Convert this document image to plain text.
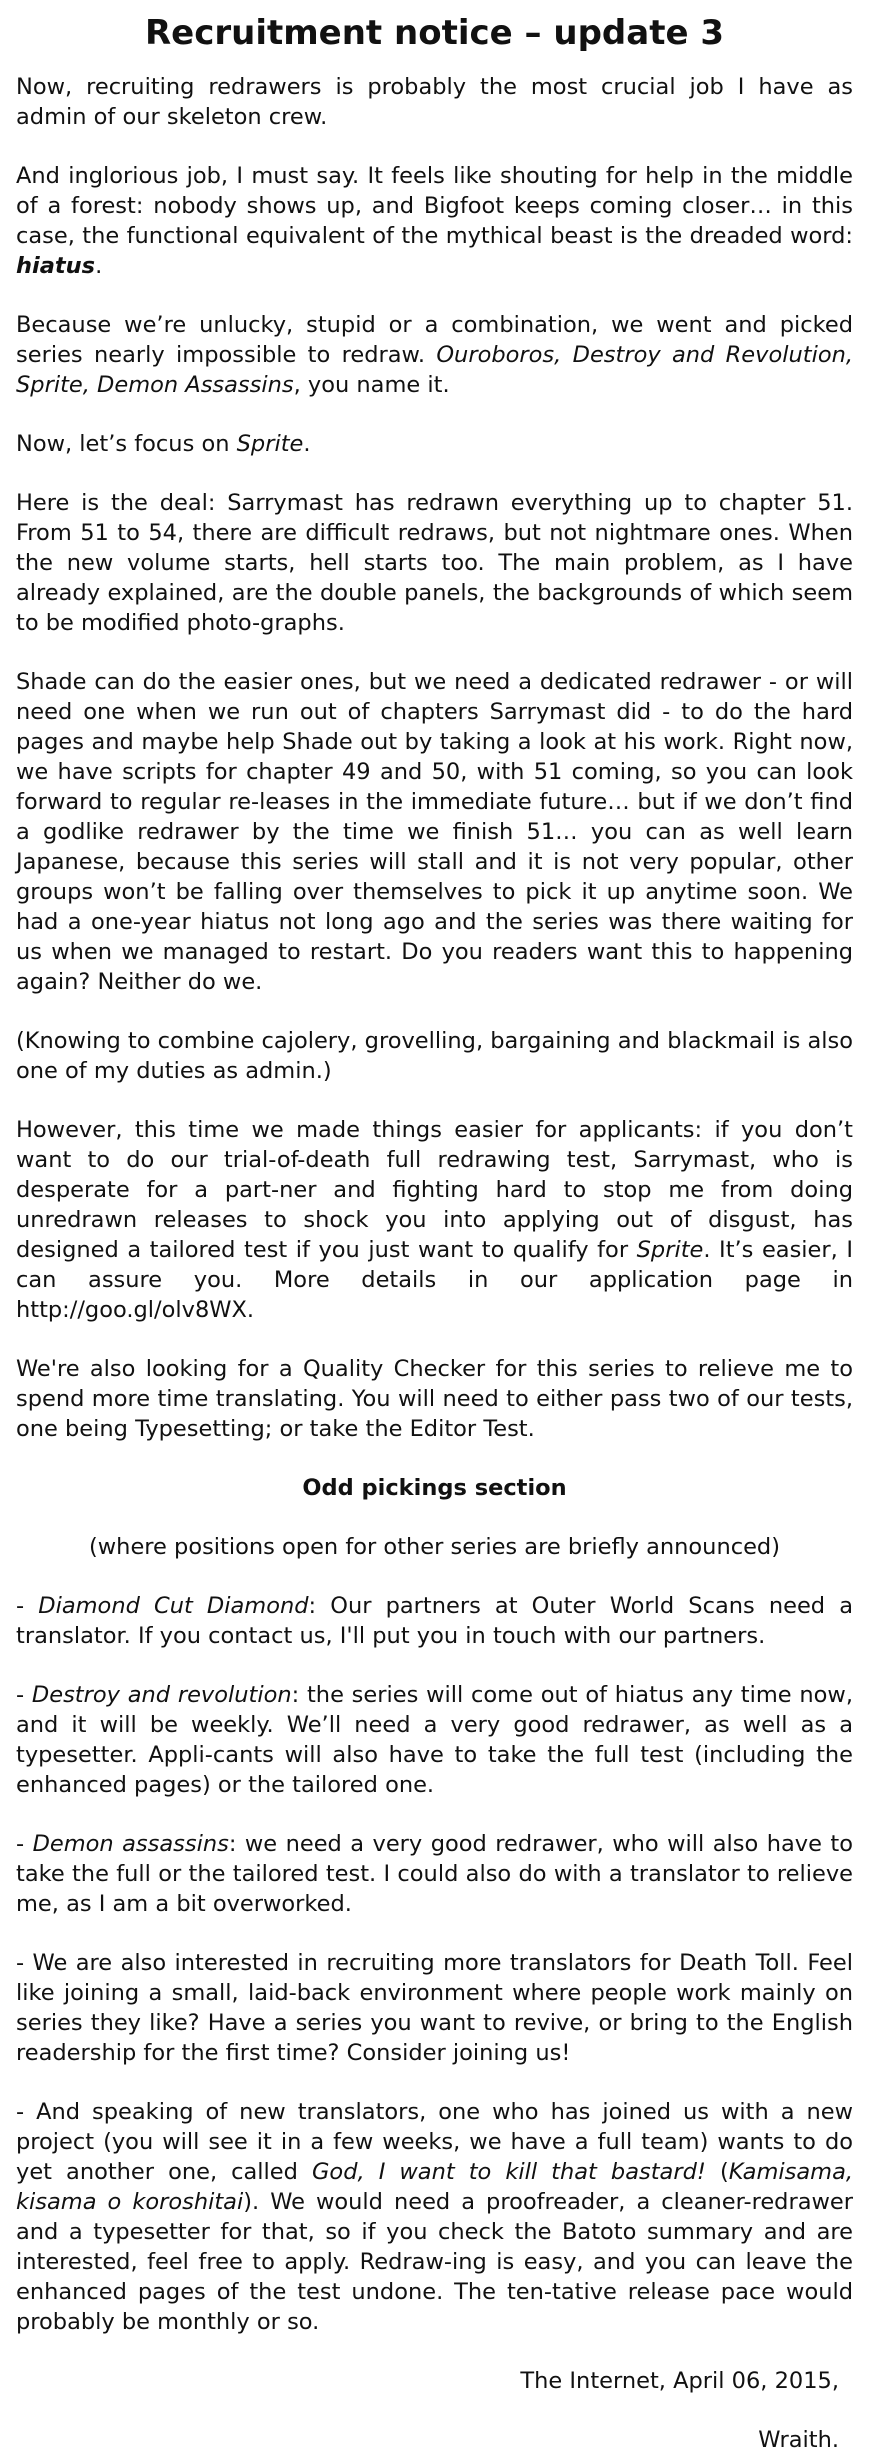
Recruitment notice – update 3

Now, recruiting redrawers is probably the most crucial job I have as admin of our skeleton crew.

And inglorious job, I must say. It feels like shouting for help in the middle of a forest: nobody shows up, and Bigfoot keeps coming closer… in this case, the functional equivalent of the mythical beast is the dreaded word: hiatus.

Because we’re unlucky, stupid or a combination, we went and picked series nearly impossible to redraw. Ouroboros, Destroy and Revolution, Sprite, Demon Assassins, you name it.

Now, let’s focus on Sprite.

Here is the deal: Sarrymast has redrawn everything up to chapter 51. From 51 to 54, there are difficult redraws, but not nightmare ones. When the new volume starts, hell starts too. The main problem, as I have already explained, are the double panels, the backgrounds of which seem to be modified photo-graphs.

Shade can do the easier ones, but we need a dedicated redrawer - or will need one when we run out of chapters Sarrymast did - to do the hard pages and maybe help Shade out by taking a look at his work. Right now, we have scripts for chapter 49 and 50, with 51 coming, so you can look forward to regular re-leases in the immediate future… but if we don’t find a godlike redrawer by the time we finish 51… you can as well learn Japanese, because this series will stall and it is not very popular, other groups won’t be falling over themselves to pick it up anytime soon. We had a one-year hiatus not long ago and the series was there waiting for us when we managed to restart. Do you readers want this to happening again? Neither do we.

(Knowing to combine cajolery, grovelling, bargaining and blackmail is also one of my duties as admin.)

However, this time we made things easier for applicants: if you don’t want to do our trial-of-death full redrawing test, Sarrymast, who is desperate for a part-ner and fighting hard to stop me from doing unredrawn releases to shock you into applying out of disgust, has designed a tailored test if you just want to qualify for Sprite. It’s easier, I can assure you. More details in our application page in http://goo.gl/olv8WX.

We're also looking for a Quality Checker for this series to relieve me to spend more time translating. You will need to either pass two of our tests, one being Typesetting; or take the Editor Test.

Odd pickings section

(where positions open for other series are briefly announced)

- Diamond Cut Diamond: Our partners at Outer World Scans need a translator. If you contact us, I'll put you in touch with our partners.

- Destroy and revolution: the series will come out of hiatus any time now, and it will be weekly. We’ll need a very good redrawer, as well as a typesetter. Appli-cants will also have to take the full test (including the enhanced pages) or the tailored one.

- Demon assassins: we need a very good redrawer, who will also have to take the full or the tailored test. I could also do with a translator to relieve me, as I am a bit overworked.

- We are also interested in recruiting more translators for Death Toll. Feel like joining a small, laid-back environment where people work mainly on series they like? Have a series you want to revive, or bring to the English readership for the first time? Consider joining us!

- And speaking of new translators, one who has joined us with a new project (you will see it in a few weeks, we have a full team) wants to do yet another one, called God, I want to kill that bastard! (Kamisama, kisama o koroshitai). We would need a proofreader, a cleaner-redrawer and a typesetter for that, so if you check the Batoto summary and are interested, feel free to apply. Redraw-ing is easy, and you can leave the enhanced pages of the test undone. The ten-tative release pace would probably be monthly or so.

The Internet, April 06, 2015,

Wraith.
